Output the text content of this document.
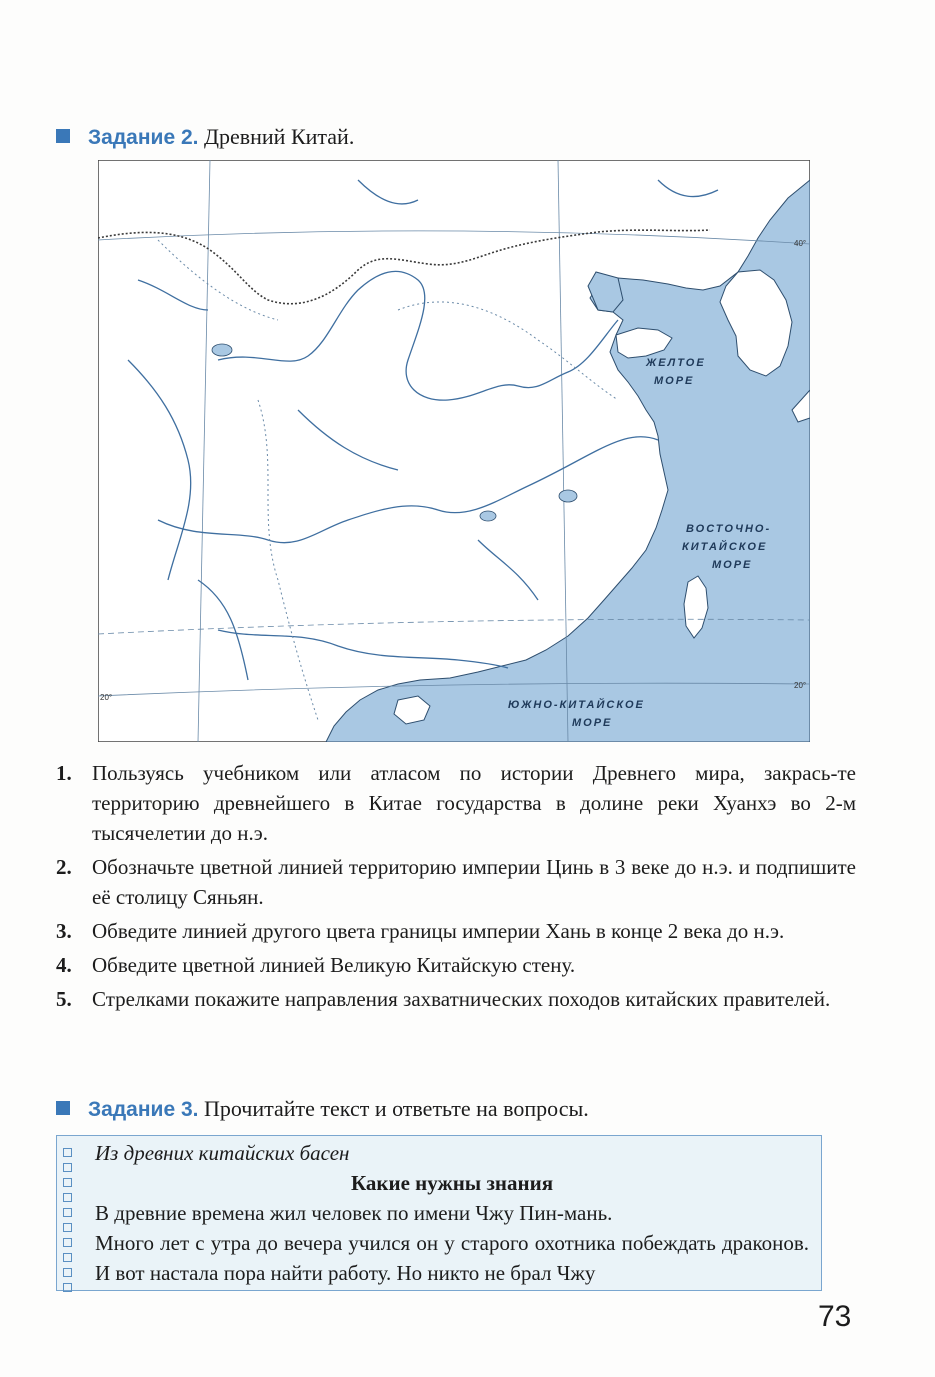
Задание 2. Древний Китай.
ЖЕЛТОЕ
МОРЕ
ВОСТОЧНО-
КИТАЙСКОЕ
МОРЕ
ЮЖНО-КИТАЙСКОЕ
МОРЕ
40°
20°
20°
1. Пользуясь учебником или атласом по истории Древнего мира, закрась-те территорию древнейшего в Китае государства в долине реки Хуанхэ во 2-м тысячелетии до н.э.
2. Обозначьте цветной линией территорию империи Цинь в 3 веке до н.э. и подпишите её столицу Сяньян.
3. Обведите линией другого цвета границы империи Хань в конце 2 века до н.э.
4. Обведите цветной линией Великую Китайскую стену.
5. Стрелками покажите направления захватнических походов китайских правителей.
Задание 3. Прочитайте текст и ответьте на вопросы.
Из древних китайских басен
Какие нужны знания

В древние времена жил человек по имени Чжу Пин-мань.

Много лет с утра до вечера учился он у старого охотника побеждать драконов. И вот настала пора найти работу. Но никто не брал Чжу

73
